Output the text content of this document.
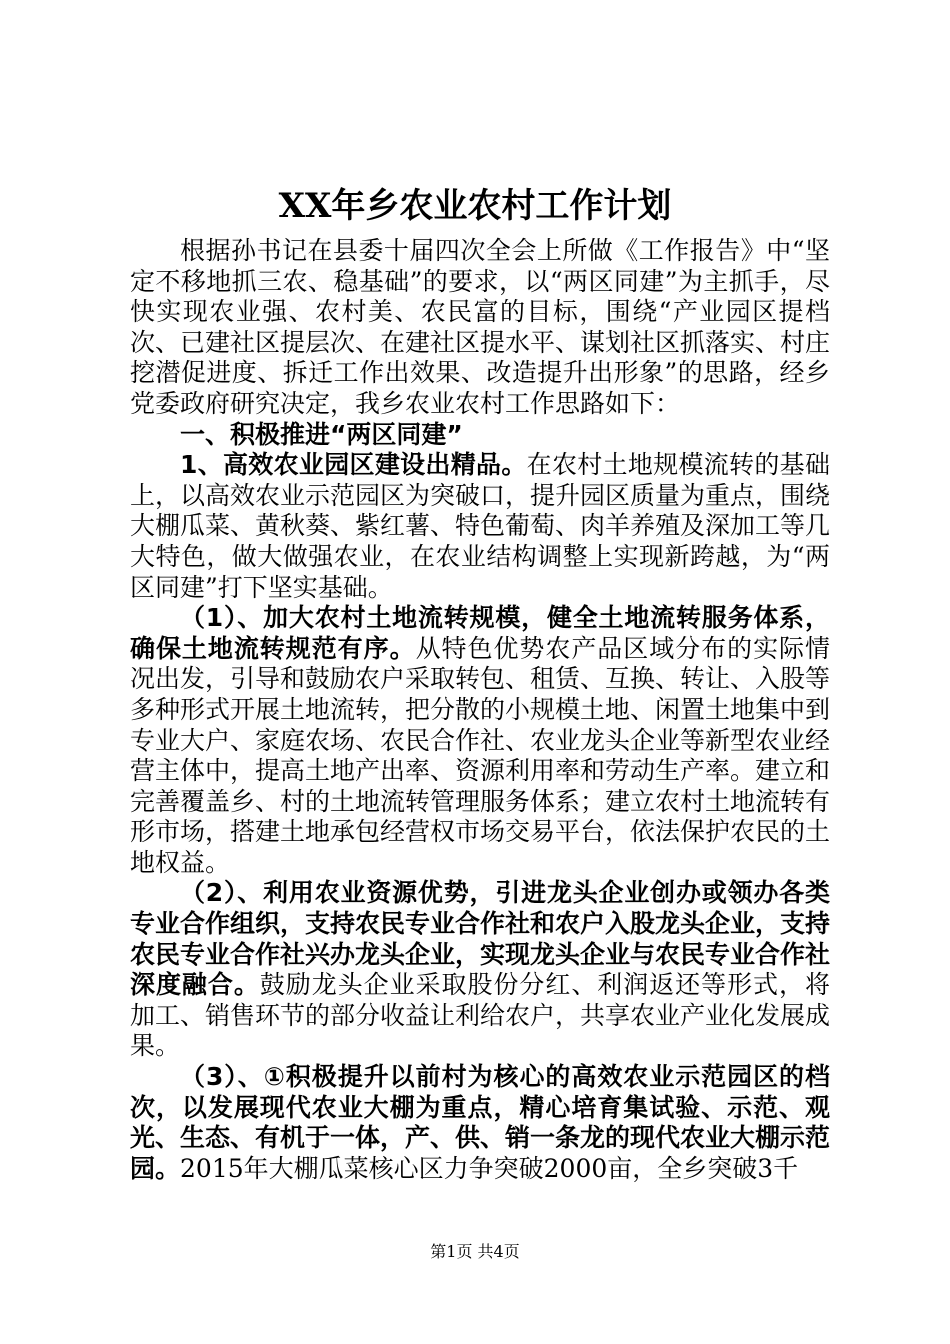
XX年乡农业农村工作计划

根据孙书记在县委十届四次全会上所做《工作报告》中“坚定不移地抓三农、稳基础”的要求，以“两区同建”为主抓手，尽快实现农业强、农村美、农民富的目标，围绕“产业园区提档次、已建社区提层次、在建社区提水平、谋划社区抓落实、村庄挖潜促进度、拆迁工作出效果、改造提升出形象”的思路，经乡党委政府研究决定，我乡农业农村工作思路如下：

一、积极推进“两区同建”

1、高效农业园区建设出精品。在农村土地规模流转的基础上，以高效农业示范园区为突破口，提升园区质量为重点，围绕大棚瓜菜、黄秋葵、紫红薯、特色葡萄、肉羊养殖及深加工等几大特色，做大做强农业，在农业结构调整上实现新跨越，为“两区同建”打下坚实基础。

（1）、加大农村土地流转规模，健全土地流转服务体系，确保土地流转规范有序。从特色优势农产品区域分布的实际情况出发，引导和鼓励农户采取转包、租赁、互换、转让、入股等多种形式开展土地流转，把分散的小规模土地、闲置土地集中到专业大户、家庭农场、农民合作社、农业龙头企业等新型农业经营主体中，提高土地产出率、资源利用率和劳动生产率。建立和完善覆盖乡、村的土地流转管理服务体系；建立农村土地流转有形市场，搭建土地承包经营权市场交易平台，依法保护农民的土地权益。

（2）、利用农业资源优势，引进龙头企业创办或领办各类专业合作组织，支持农民专业合作社和农户入股龙头企业，支持农民专业合作社兴办龙头企业，实现龙头企业与农民专业合作社深度融合。鼓励龙头企业采取股份分红、利润返还等形式，将加工、销售环节的部分收益让利给农户，共享农业产业化发展成果。

（3）、①积极提升以前村为核心的高效农业示范园区的档次，以发展现代农业大棚为重点，精心培育集试验、示范、观光、生态、有机于一体，产、供、销一条龙的现代农业大棚示范园。2015年大棚瓜菜核心区力争突破2000亩，全乡突破3千

第1页 共4页
